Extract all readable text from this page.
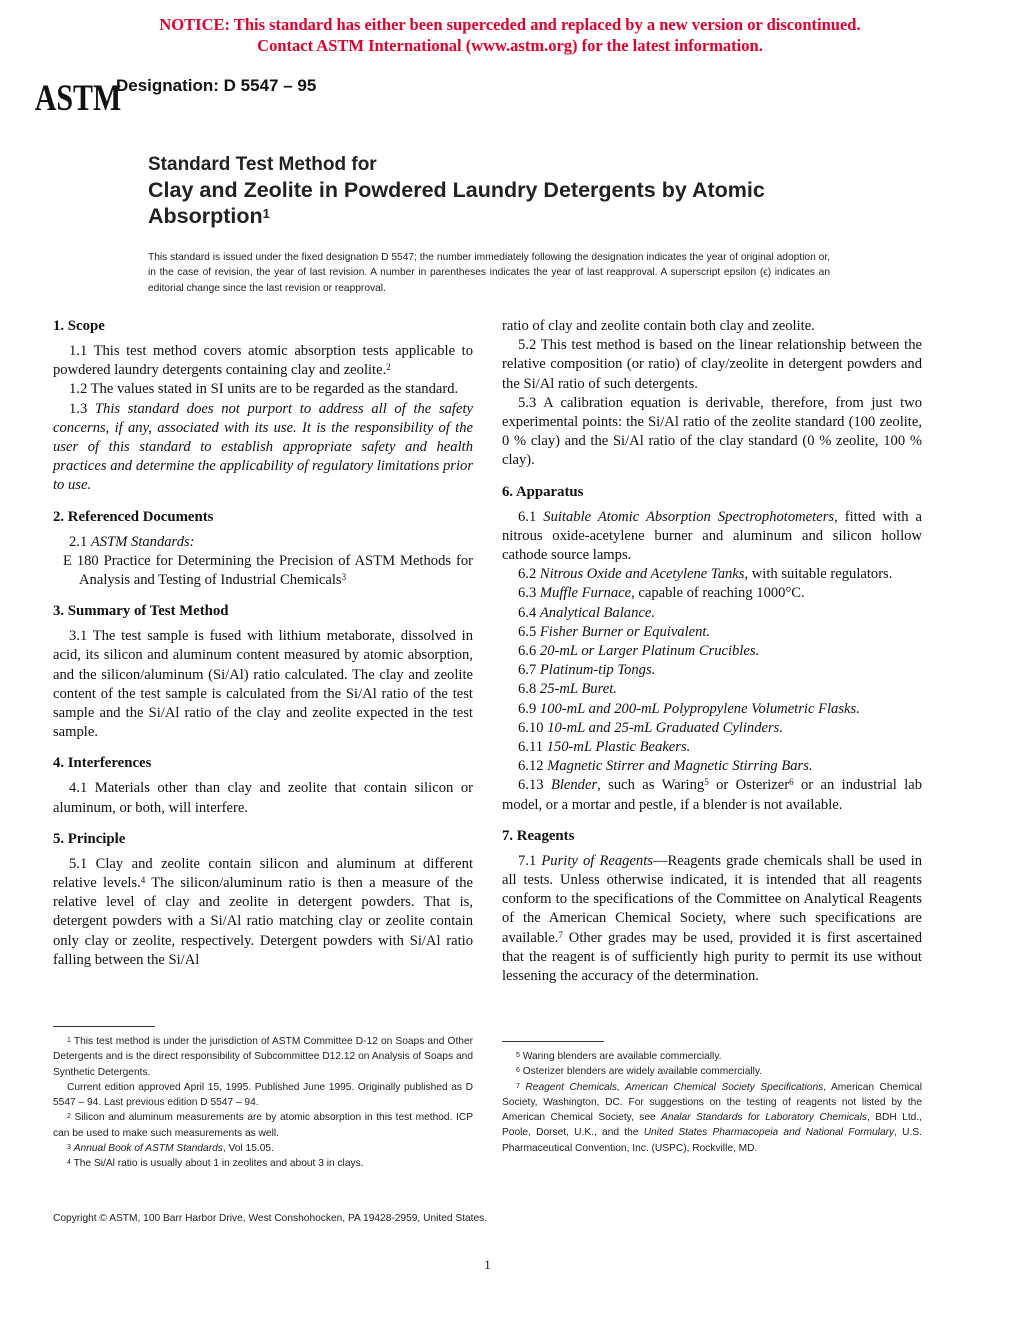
NOTICE: This standard has either been superceded and replaced by a new version or discontinued.
Contact ASTM International (www.astm.org) for the latest information.
ASTM
Designation: D 5547 – 95
Standard Test Method for
Clay and Zeolite in Powdered Laundry Detergents by Atomic
Absorption$^1$
This standard is issued under the fixed designation D 5547; the number immediately following the designation indicates the year of original adoption or, in the case of revision, the year of last revision. A number in parentheses indicates the year of last reapproval. A superscript epsilon (ϵ) indicates an editorial change since the last revision or reapproval.
1. Scope

1.1 This test method covers atomic absorption tests applicable to powdered laundry detergents containing clay and zeolite.$^2$

1.2 The values stated in SI units are to be regarded as the standard.

1.3 This standard does not purport to address all of the safety concerns, if any, associated with its use. It is the responsibility of the user of this standard to establish appropriate safety and health practices and determine the applicability of regulatory limitations prior to use.

2. Referenced Documents

2.1 ASTM Standards:

E 180 Practice for Determining the Precision of ASTM Methods for Analysis and Testing of Industrial Chemicals$^3$

3. Summary of Test Method

3.1 The test sample is fused with lithium metaborate, dissolved in acid, its silicon and aluminum content measured by atomic absorption, and the silicon/aluminum (Si/Al) ratio calculated. The clay and zeolite content of the test sample is calculated from the Si/Al ratio of the test sample and the Si/Al ratio of the clay and zeolite expected in the test sample.

4. Interferences

4.1 Materials other than clay and zeolite that contain silicon or aluminum, or both, will interfere.

5. Principle

5.1 Clay and zeolite contain silicon and aluminum at different relative levels.$^4$ The silicon/aluminum ratio is then a measure of the relative level of clay and zeolite in detergent powders. That is, detergent powders with a Si/Al ratio matching clay or zeolite contain only clay or zeolite, respectively. Detergent powders with Si/Al ratio falling between the Si/Al

ratio of clay and zeolite contain both clay and zeolite.

5.2 This test method is based on the linear relationship between the relative composition (or ratio) of clay/zeolite in detergent powders and the Si/Al ratio of such detergents.

5.3 A calibration equation is derivable, therefore, from just two experimental points: the Si/Al ratio of the zeolite standard (100 zeolite, 0 % clay) and the Si/Al ratio of the clay standard (0 % zeolite, 100 % clay).

6. Apparatus

6.1 Suitable Atomic Absorption Spectrophotometers, fitted with a nitrous oxide-acetylene burner and aluminum and silicon hollow cathode source lamps.

6.2 Nitrous Oxide and Acetylene Tanks, with suitable regulators.

6.3 Muffle Furnace, capable of reaching 1000°C.

6.4 Analytical Balance.

6.5 Fisher Burner or Equivalent.

6.6 20-mL or Larger Platinum Crucibles.

6.7 Platinum-tip Tongs.

6.8 25-mL Buret.

6.9 100-mL and 200-mL Polypropylene Volumetric Flasks.

6.10 10-mL and 25-mL Graduated Cylinders.

6.11 150-mL Plastic Beakers.

6.12 Magnetic Stirrer and Magnetic Stirring Bars.

6.13 Blender, such as Waring$^5$ or Osterizer$^6$ or an industrial lab model, or a mortar and pestle, if a blender is not available.

7. Reagents

7.1 Purity of Reagents—Reagents grade chemicals shall be used in all tests. Unless otherwise indicated, it is intended that all reagents conform to the specifications of the Committee on Analytical Reagents of the American Chemical Society, where such specifications are available.$^7$ Other grades may be used, provided it is first ascertained that the reagent is of sufficiently high purity to permit its use without lessening the accuracy of the determination.

$^1$ This test method is under the jurisdiction of ASTM Committee D-12 on Soaps and Other Detergents and is the direct responsibility of Subcommittee D12.12 on Analysis of Soaps and Synthetic Detergents.

Current edition approved April 15, 1995. Published June 1995. Originally published as D 5547 – 94. Last previous edition D 5547 – 94.

$^2$ Silicon and aluminum measurements are by atomic absorption in this test method. ICP can be used to make such measurements as well.

$^3$ Annual Book of ASTM Standards, Vol 15.05.

$^4$ The Si/Al ratio is usually about 1 in zeolites and about 3 in clays.

$^5$ Waring blenders are available commercially.

$^6$ Osterizer blenders are widely available commercially.

$^7$ Reagent Chemicals, American Chemical Society Specifications, American Chemical Society, Washington, DC. For suggestions on the testing of reagents not listed by the American Chemical Society, see Analar Standards for Laboratory Chemicals, BDH Ltd., Poole, Dorset, U.K., and the United States Pharmacopeia and National Formulary, U.S. Pharmaceutical Convention, Inc. (USPC), Rockville, MD.

Copyright © ASTM, 100 Barr Harbor Drive, West Conshohocken, PA 19428-2959, United States.
1
